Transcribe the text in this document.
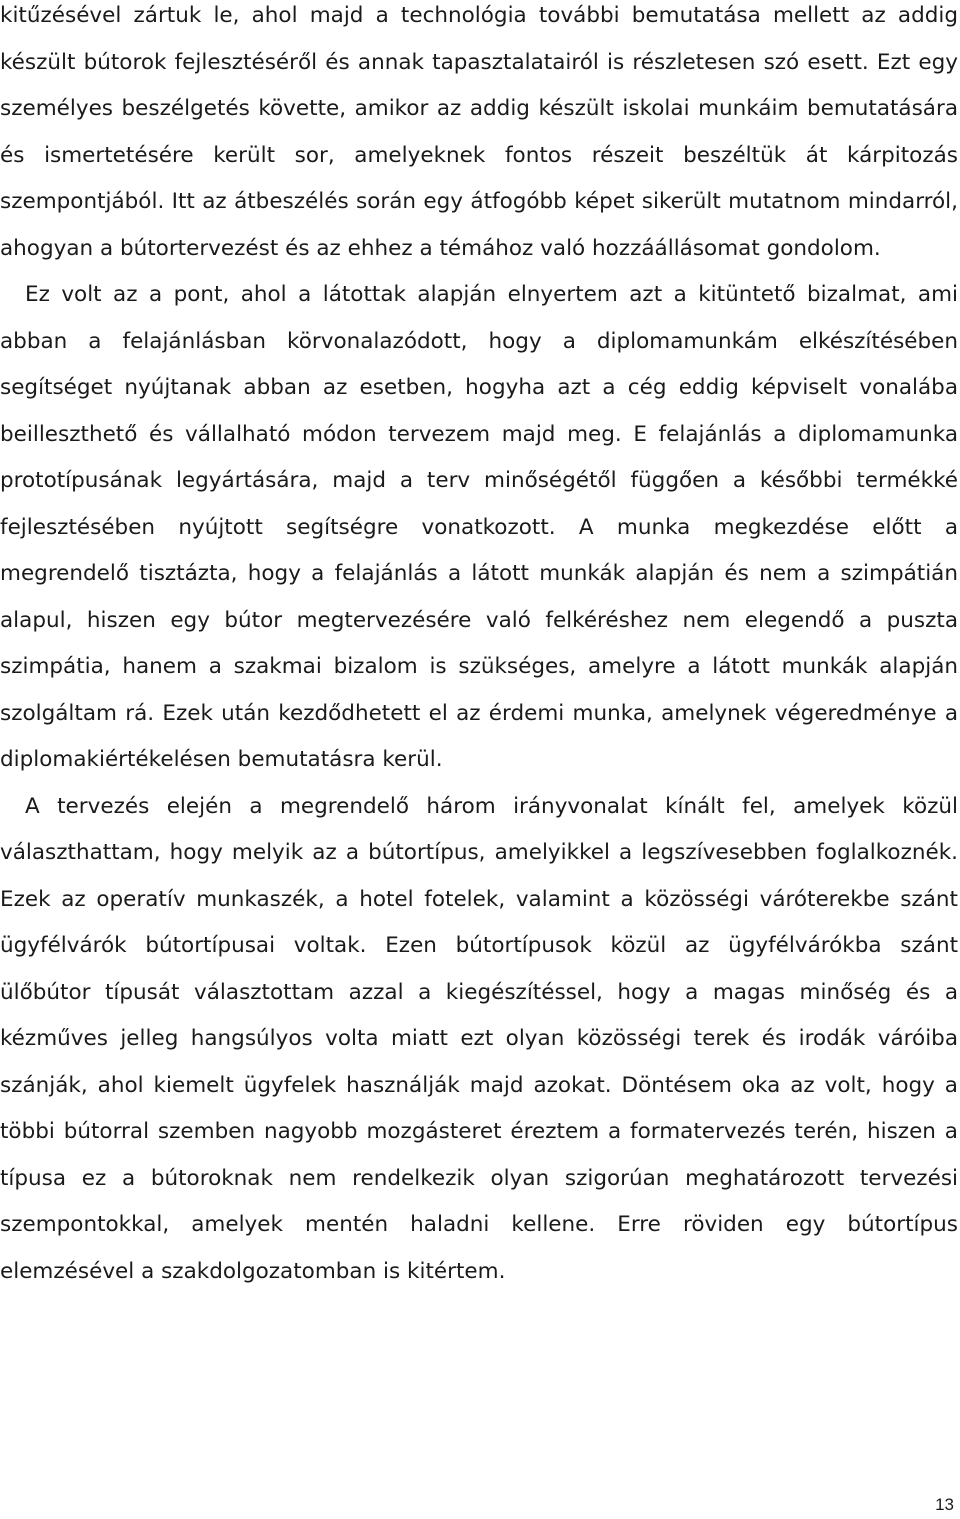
kitűzésével zártuk le, ahol majd a technológia további bemutatása mellett az addig készült bútorok fejlesztéséről és annak tapasztalatairól is részletesen szó esett. Ezt egy személyes beszélgetés követte, amikor az addig készült iskolai munkáim bemutatására és ismertetésére került sor, amelyeknek fontos részeit beszéltük át kárpitozás szempontjából. Itt az átbeszélés során egy átfogóbb képet sikerült mutatnom mindarról, ahogyan a bútortervezést és az ehhez a témához való hozzáállásomat gondolom.

Ez volt az a pont, ahol a látottak alapján elnyertem azt a kitüntető bizalmat, ami abban a felajánlásban körvonalazódott, hogy a diplomamunkám elkészítésében segítséget nyújtanak abban az esetben, hogyha azt a cég eddig képviselt vonalába beilleszthető és vállalható módon tervezem majd meg. E felajánlás a diplomamunka prototípusának legyártására, majd a terv minőségétől függően a későbbi termékké fejlesztésében nyújtott segítségre vonatkozott. A munka megkezdése előtt a megrendelő tisztázta, hogy a felajánlás a látott munkák alapján és nem a szimpátián alapul, hiszen egy bútor megtervezésére való felkéréshez nem elegendő a puszta szimpátia, hanem a szakmai bizalom is szükséges, amelyre a látott munkák alapján szolgáltam rá. Ezek után kezdődhetett el az érdemi munka, amelynek végeredménye a diplomakiértékelésen bemutatásra kerül.

A tervezés elején a megrendelő három irányvonalat kínált fel, amelyek közül választhattam, hogy melyik az a bútortípus, amelyikkel a legszívesebben foglalkoznék. Ezek az operatív munkaszék, a hotel fotelek, valamint a közösségi váróterekbe szánt ügyfélvárók bútortípusai voltak. Ezen bútortípusok közül az ügyfélvárókba szánt ülőbútor típusát választottam azzal a kiegészítéssel, hogy a magas minőség és a kézműves jelleg hangsúlyos volta miatt ezt olyan közösségi terek és irodák váróiba szánják, ahol kiemelt ügyfelek használják majd azokat. Döntésem oka az volt, hogy a többi bútorral szemben nagyobb mozgásteret éreztem a formatervezés terén, hiszen a típusa ez a bútoroknak nem rendelkezik olyan szigorúan meghatározott tervezési szempontokkal, amelyek mentén haladni kellene. Erre röviden egy bútortípus elemzésével a szakdolgozatomban is kitértem.

13
